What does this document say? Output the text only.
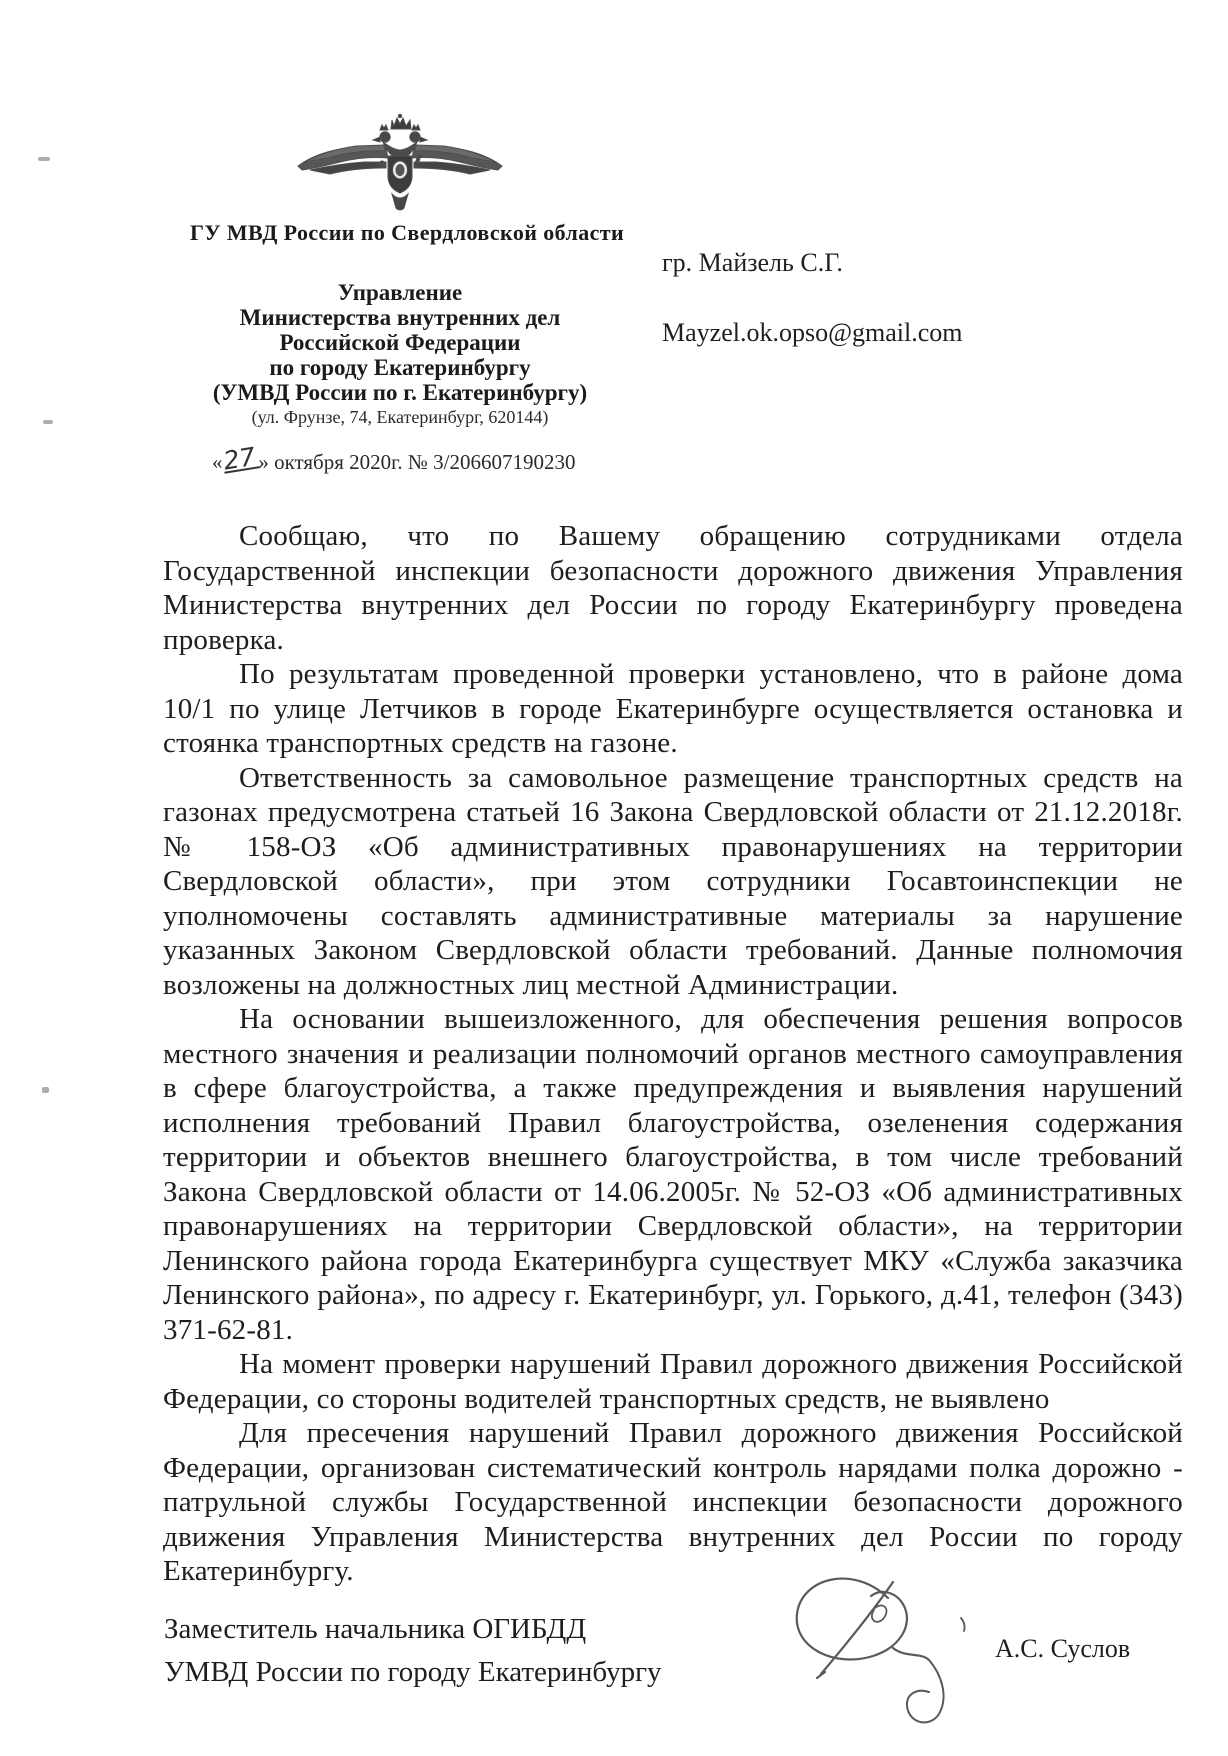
ГУ МВД России по Свердловской области
Управление
Министерства внутренних дел
Российской Федерации
по городу Екатеринбургу
(УМВД России по г. Екатеринбургу)
(ул. Фрунзе, 74, Екатеринбург, 620144)
«27» октября 2020г. № 3/206607190230
гр. Майзель С.Г.
Mayzel.ok.opso@gmail.com

Сообщаю, что по Вашему обращению сотрудниками отдела Государственной инспекции безопасности дорожного движения Управления Министерства внутренних дел России по городу Екатеринбургу проведена проверка.

По результатам проведенной проверки установлено, что в районе дома 10/1 по улице Летчиков в городе Екатеринбурге осуществляется остановка и стоянка транспортных средств на газоне.

Ответственность за самовольное размещение транспортных средств на газонах предусмотрена статьей 16 Закона Свердловской области от 21.12.2018г. № 158-ОЗ «Об административных правонарушениях на территории Свердловской области», при этом сотрудники Госавтоинспекции не уполномочены составлять административные материалы за нарушение указанных Законом Свердловской области требований. Данные полномочия возложены на должностных лиц местной Администрации.

На основании вышеизложенного, для обеспечения решения вопросов местного значения и реализации полномочий органов местного самоуправления в сфере благоустройства, а также предупреждения и выявления нарушений исполнения требований Правил благоустройства, озеленения содержания территории и объектов внешнего благоустройства, в том числе требований Закона Свердловской области от 14.06.2005г. № 52-ОЗ «Об административных правонарушениях на территории Свердловской области», на территории Ленинского района города Екатеринбурга существует МКУ «Служба заказчика Ленинского района», по адресу г. Екатеринбург, ул. Горького, д.41, телефон (343) 371-62-81.

На момент проверки нарушений Правил дорожного движения Российской Федерации, со стороны водителей транспортных средств, не выявлено

Для пресечения нарушений Правил дорожного движения Российской Федерации, организован систематический контроль нарядами полка дорожно - патрульной службы Государственной инспекции безопасности дорожного движения Управления Министерства внутренних дел России по городу Екатеринбургу.

Заместитель начальника ОГИБДД
УМВД России по городу Екатеринбургу
А.С. Суслов
